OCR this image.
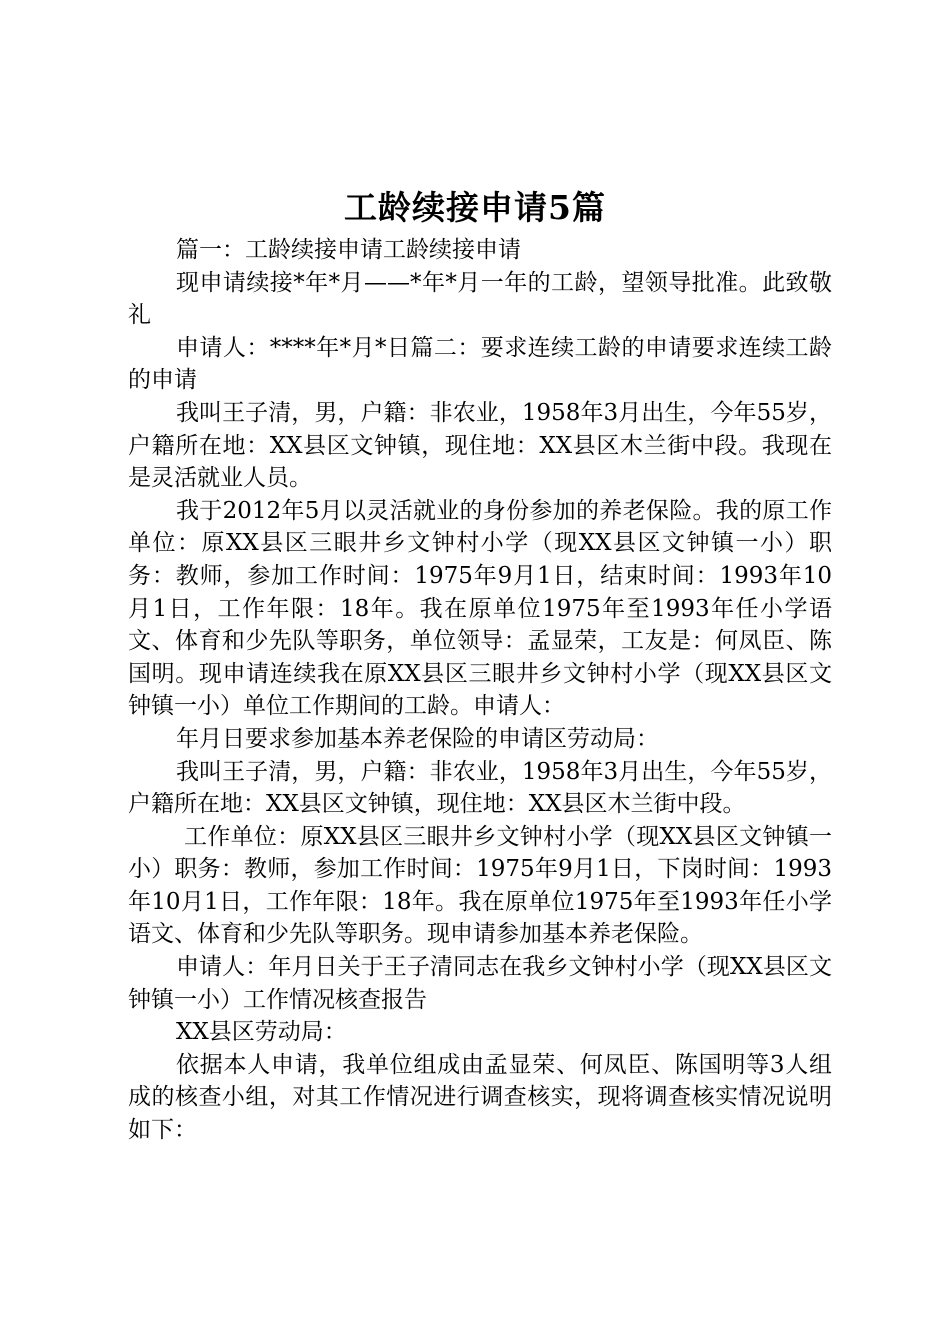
工龄续接申请5篇

篇一：工龄续接申请工龄续接申请

现申请续接*年*月——*年*月一年的工龄，望领导批准。此致敬礼

申请人：****年*月*日篇二：要求连续工龄的申请要求连续工龄的申请

我叫王子清，男，户籍：非农业，1958年3月出生，今年55岁，户籍所在地：XX县区文钟镇，现住地：XX县区木兰街中段。我现在是灵活就业人员。

我于2012年5月以灵活就业的身份参加的养老保险。我的原工作单位：原XX县区三眼井乡文钟村小学（现XX县区文钟镇一小）职务：教师，参加工作时间：1975年9月1日，结束时间：1993年10月1日，工作年限：18年。我在原单位1975年至1993年任小学语文、体育和少先队等职务，单位领导：孟显荣，工友是：何凤臣、陈国明。现申请连续我在原XX县区三眼井乡文钟村小学（现XX县区文钟镇一小）单位工作期间的工龄。申请人：

年月日要求参加基本养老保险的申请区劳动局：

我叫王子清，男，户籍：非农业，1958年3月出生，今年55岁，户籍所在地：XX县区文钟镇，现住地：XX县区木兰街中段。

工作单位：原XX县区三眼井乡文钟村小学（现XX县区文钟镇一小）职务：教师，参加工作时间：1975年9月1日，下岗时间：1993年10月1日，工作年限：18年。我在原单位1975年至1993年任小学语文、体育和少先队等职务。现申请参加基本养老保险。

申请人：年月日关于王子清同志在我乡文钟村小学（现XX县区文钟镇一小）工作情况核查报告

XX县区劳动局：

依据本人申请，我单位组成由孟显荣、何凤臣、陈国明等3人组成的核查小组，对其工作情况进行调查核实，现将调查核实情况说明如下：
